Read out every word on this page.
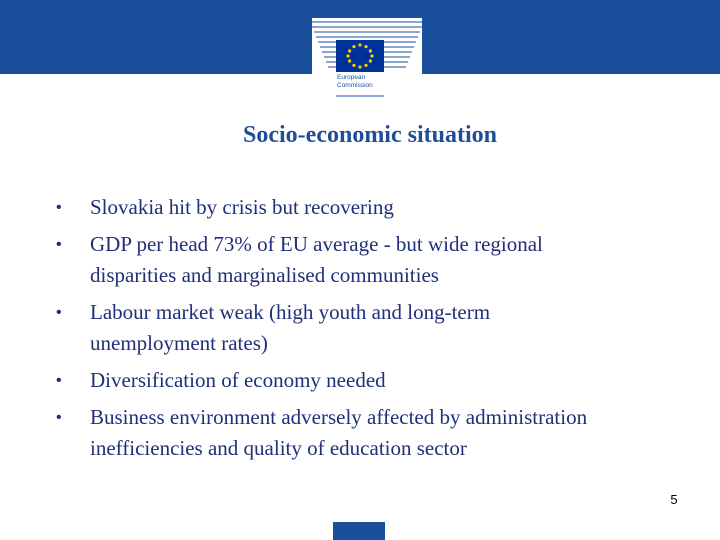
European
Commission
Socio-economic situation
•	Slovakia hit by crisis but recovering
•	GDP per head 73% of EU average - but wide regional
disparities and marginalised communities
•	Labour market weak (high youth and long-term
unemployment rates)
•	Diversification of economy needed
•	Business environment adversely affected by administration
inefficiencies and quality of education sector
5
